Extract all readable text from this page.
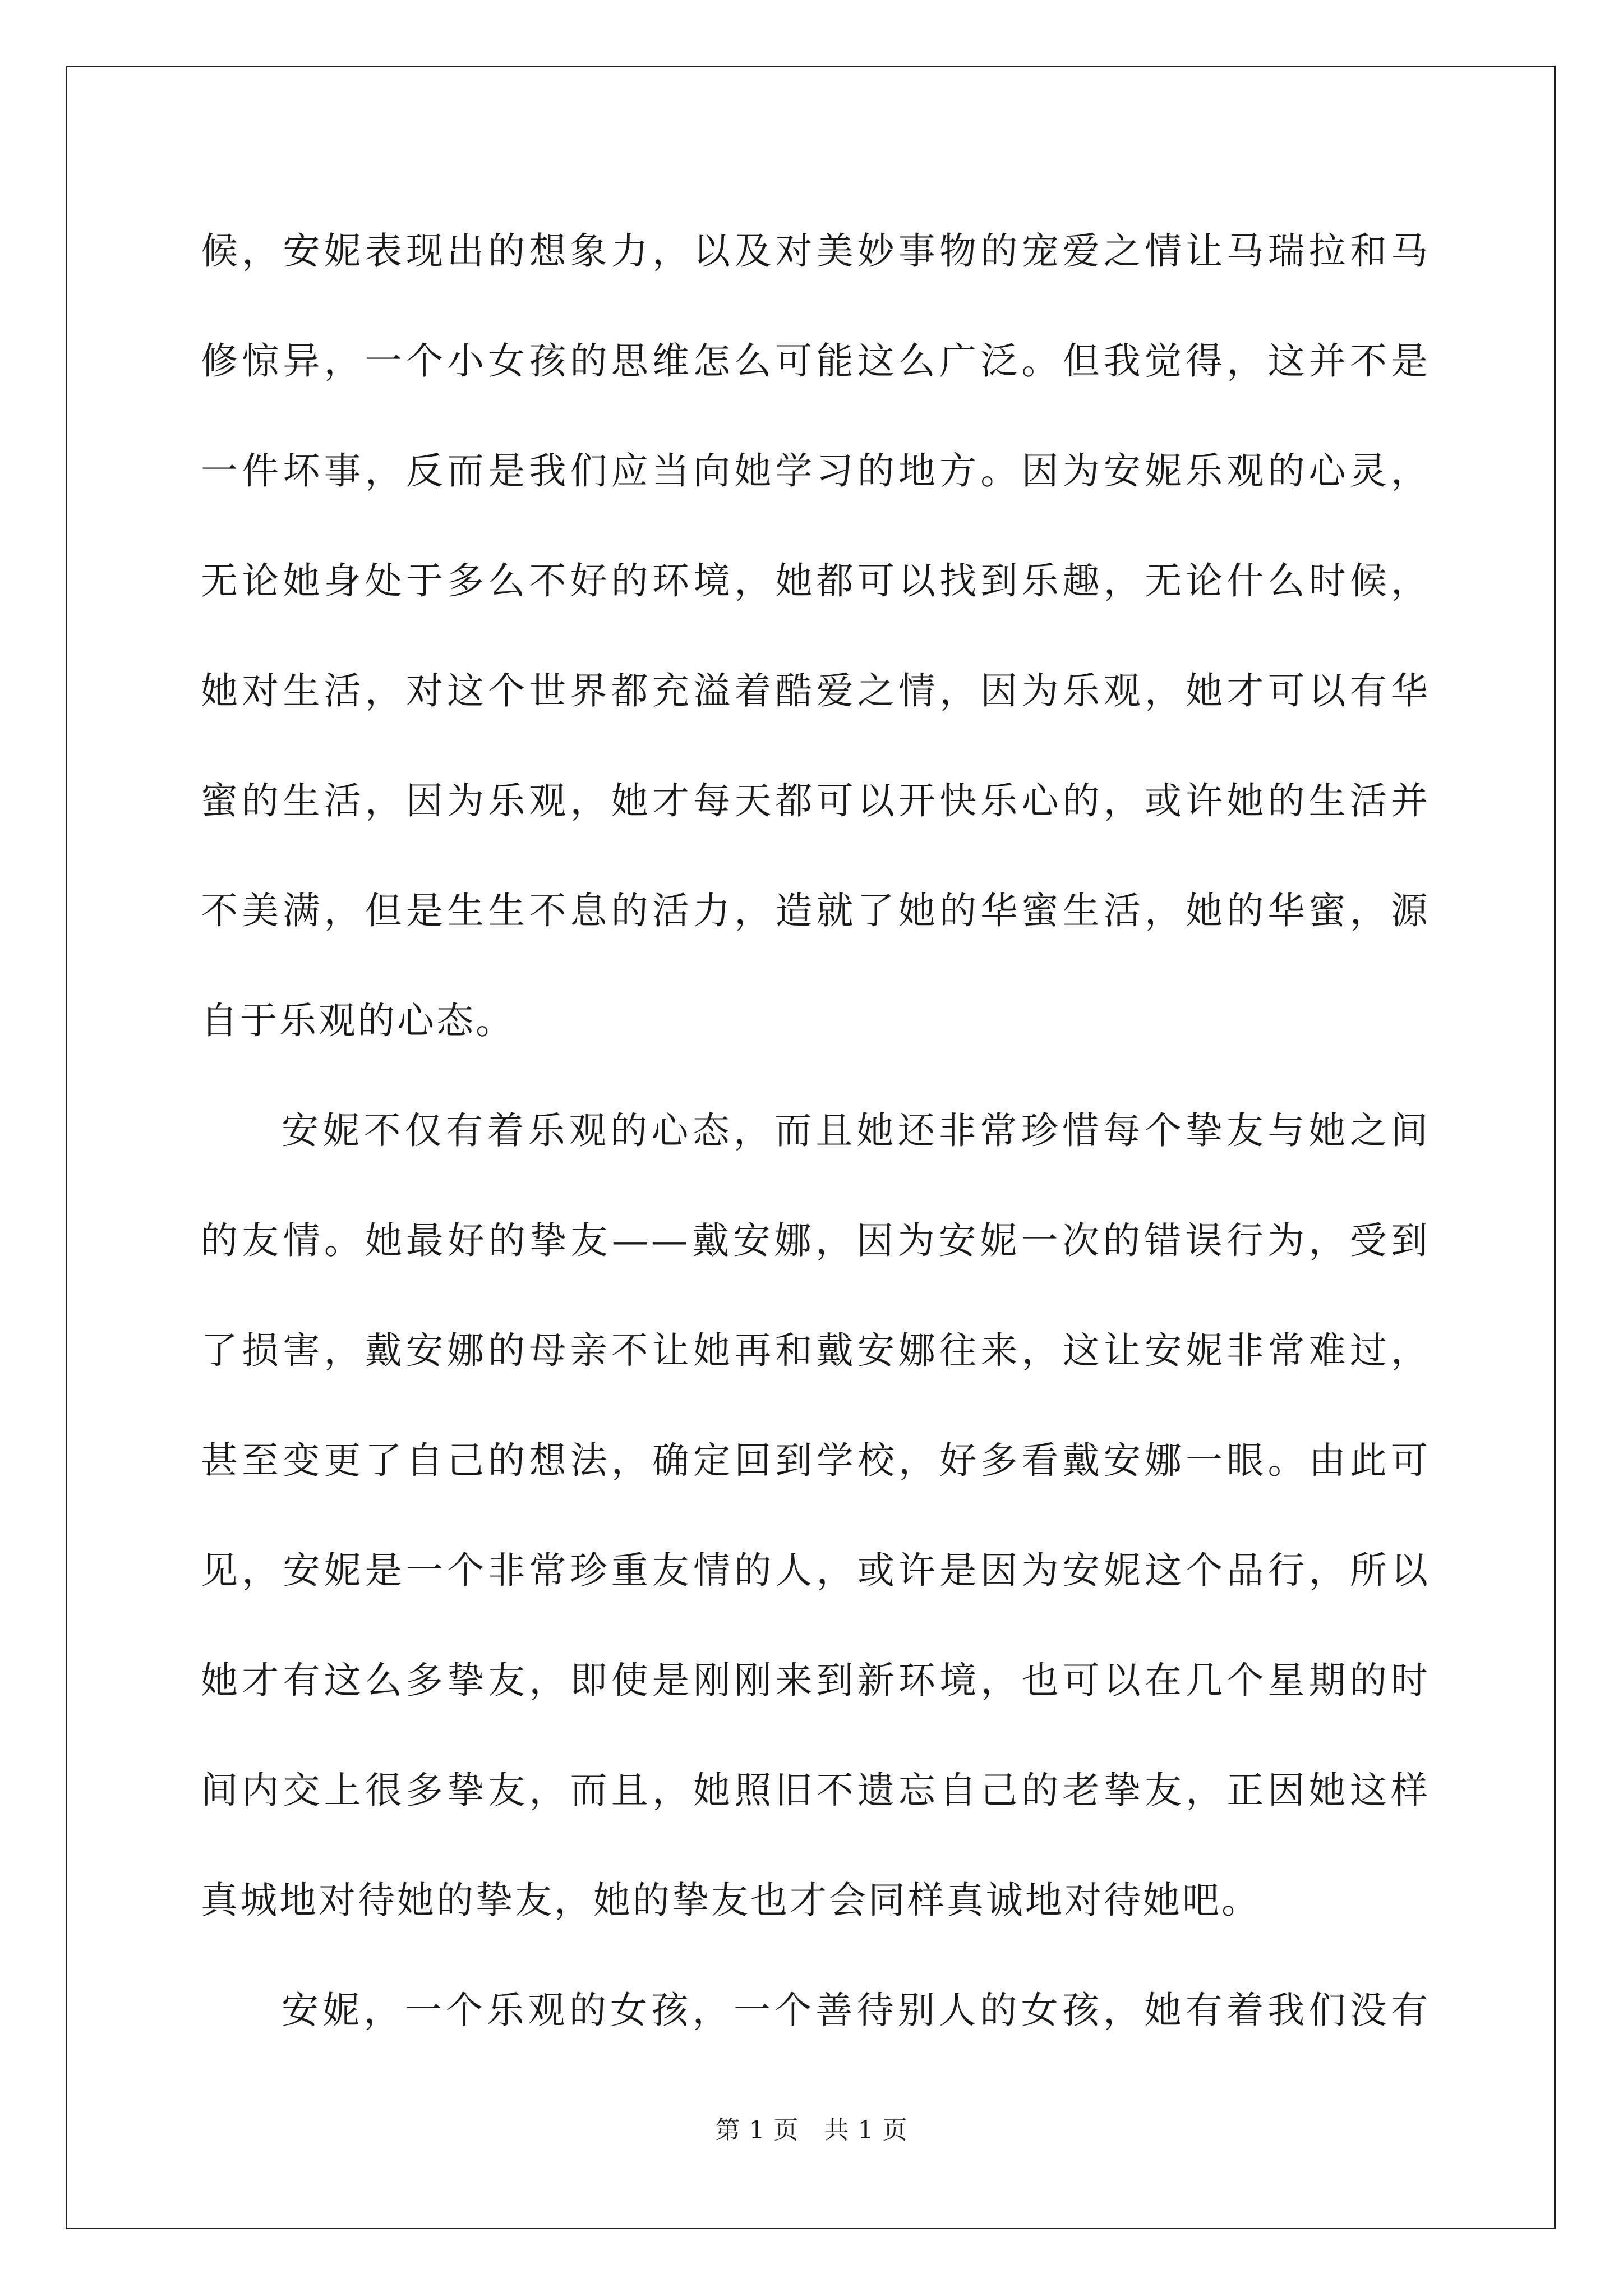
候，安妮表现出的想象力，以及对美妙事物的宠爱之情让马瑞拉和马
修惊异，一个小女孩的思维怎么可能这么广泛。但我觉得，这并不是
一件坏事，反而是我们应当向她学习的地方。因为安妮乐观的心灵，
无论她身处于多么不好的环境，她都可以找到乐趣，无论什么时候，
她对生活，对这个世界都充溢着酷爱之情，因为乐观，她才可以有华
蜜的生活，因为乐观，她才每天都可以开快乐心的，或许她的生活并
不美满，但是生生不息的活力，造就了她的华蜜生活，她的华蜜，源
自于乐观的心态。
安妮不仅有着乐观的心态，而且她还非常珍惜每个挚友与她之间
的友情。她最好的挚友——戴安娜，因为安妮一次的错误行为，受到
了损害，戴安娜的母亲不让她再和戴安娜往来，这让安妮非常难过，
甚至变更了自己的想法，确定回到学校，好多看戴安娜一眼。由此可
见，安妮是一个非常珍重友情的人，或许是因为安妮这个品行，所以
她才有这么多挚友，即使是刚刚来到新环境，也可以在几个星期的时
间内交上很多挚友，而且，她照旧不遗忘自己的老挚友，正因她这样
真城地对待她的挚友，她的挚友也才会同样真诚地对待她吧。
安妮，一个乐观的女孩，一个善待别人的女孩，她有着我们没有
第 1 页 共 1 页
